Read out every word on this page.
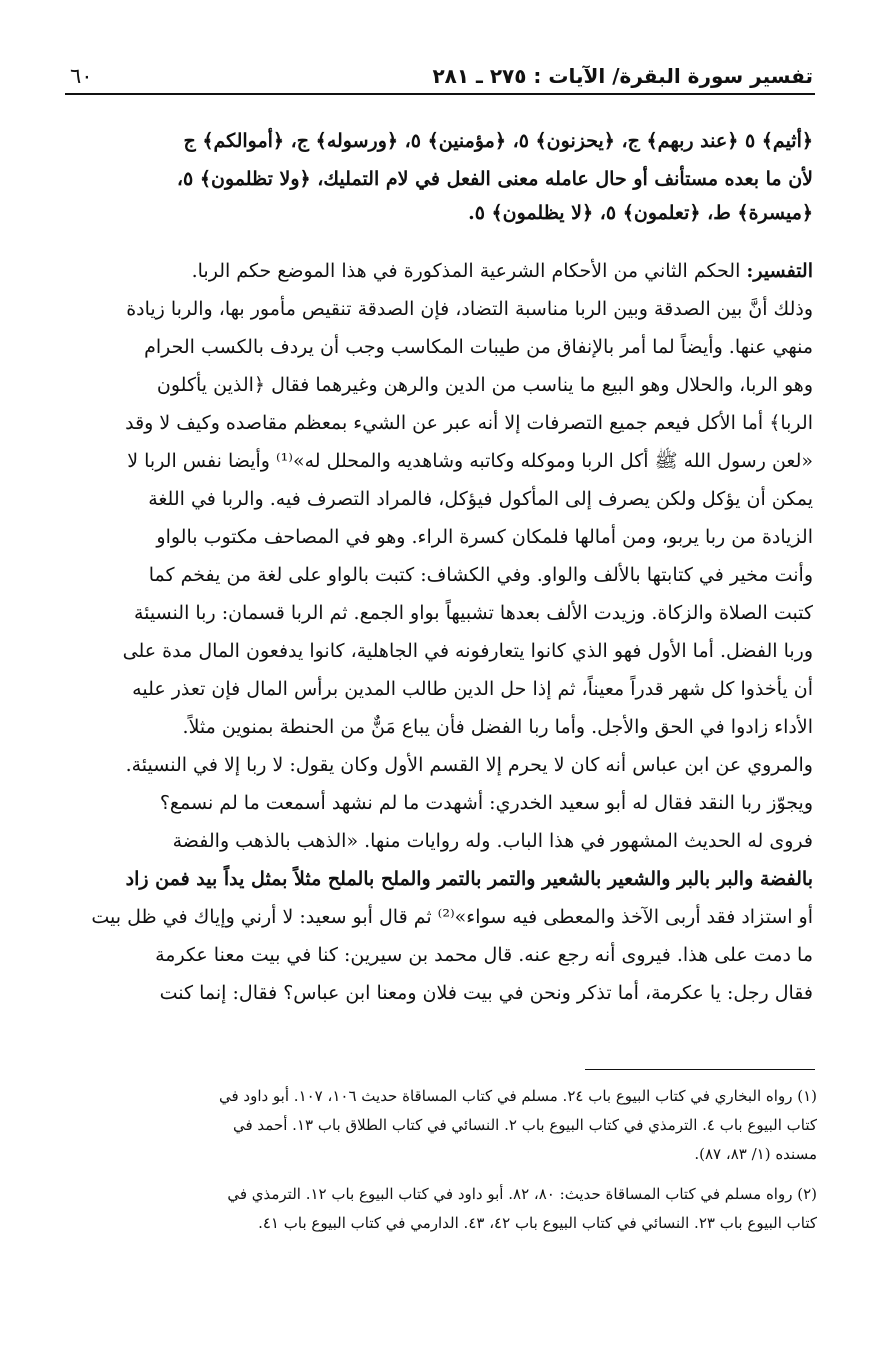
تفسير سورة البقرة/ الآيات : ٢٧٥ ـ ٢٨١
٦٠
﴿أثيم﴾ ٥ ﴿عند ربهم﴾ ج، ﴿يحزنون﴾ ٥، ﴿مؤمنين﴾ ٥، ﴿ورسوله﴾ ج، ﴿أموالكم﴾ ج
لأن ما بعده مستأنف أو حال عامله معنى الفعل في لام التمليك، ﴿ولا تظلمون﴾ ٥،
﴿ميسرة﴾ ط، ﴿تعلمون﴾ ٥، ﴿لا يظلمون﴾ ٥.
التفسير: الحكم الثاني من الأحكام الشرعية المذكورة في هذا الموضع حكم الربا.
وذلك أنَّ بين الصدقة وبين الربا مناسبة التضاد، فإن الصدقة تنقيص مأمور بها، والربا زيادة
منهي عنها. وأيضاً لما أمر بالإنفاق من طيبات المكاسب وجب أن يردف بالكسب الحرام
وهو الربا، والحلال وهو البيع ما يناسب من الدين والرهن وغيرهما فقال ﴿الذين يأكلون
الربا﴾ أما الأكل فيعم جميع التصرفات إلا أنه عبر عن الشيء بمعظم مقاصده وكيف لا وقد
«لعن رسول الله ﷺ أكل الربا وموكله وكاتبه وشاهديه والمحلل له»⁽¹⁾ وأيضا نفس الربا لا
يمكن أن يؤكل ولكن يصرف إلى المأكول فيؤكل، فالمراد التصرف فيه. والربا في اللغة
الزيادة من ربا يربو، ومن أمالها فلمكان كسرة الراء. وهو في المصاحف مكتوب بالواو
وأنت مخير في كتابتها بالألف والواو. وفي الكشاف: كتبت بالواو على لغة من يفخم كما
كتبت الصلاة والزكاة. وزيدت الألف بعدها تشبيهاً بواو الجمع. ثم الربا قسمان: ربا النسيئة
وربا الفضل. أما الأول فهو الذي كانوا يتعارفونه في الجاهلية، كانوا يدفعون المال مدة على
أن يأخذوا كل شهر قدراً معيناً، ثم إذا حل الدين طالب المدين برأس المال فإن تعذر عليه
الأداء زادوا في الحق والأجل. وأما ربا الفضل فأن يباع مَنٌّ من الحنطة بمنوين مثلاً.
والمروي عن ابن عباس أنه كان لا يحرم إلا القسم الأول وكان يقول: لا ربا إلا في النسيئة.
ويجوّز ربا النقد فقال له أبو سعيد الخدري: أشهدت ما لم نشهد أسمعت ما لم نسمع؟
فروى له الحديث المشهور في هذا الباب. وله روايات منها. «الذهب بالذهب والفضة
بالفضة والبر بالبر والشعير بالشعير والتمر بالتمر والملح بالملح مثلاً بمثل يداً بيد فمن زاد
أو استزاد فقد أربى الآخذ والمعطى فيه سواء»⁽²⁾ ثم قال أبو سعيد: لا أرني وإياك في ظل بيت
ما دمت على هذا. فيروى أنه رجع عنه. قال محمد بن سيرين: كنا في بيت معنا عكرمة
فقال رجل: يا عكرمة، أما تذكر ونحن في بيت فلان ومعنا ابن عباس؟ فقال: إنما كنت
(١) رواه البخاري في كتاب البيوع باب ٢٤. مسلم في كتاب المساقاة حديث ١٠٦، ١٠٧. أبو داود في
كتاب البيوع باب ٤. الترمذي في كتاب البيوع باب ٢. النسائي في كتاب الطلاق باب ١٣. أحمد في
مسنده (١/ ٨٣، ٨٧).
(٢) رواه مسلم في كتاب المساقاة حديث: ٨٠، ٨٢. أبو داود في كتاب البيوع باب ١٢. الترمذي في
كتاب البيوع باب ٢٣. النسائي في كتاب البيوع باب ٤٢، ٤٣. الدارمي في كتاب البيوع باب ٤١.
